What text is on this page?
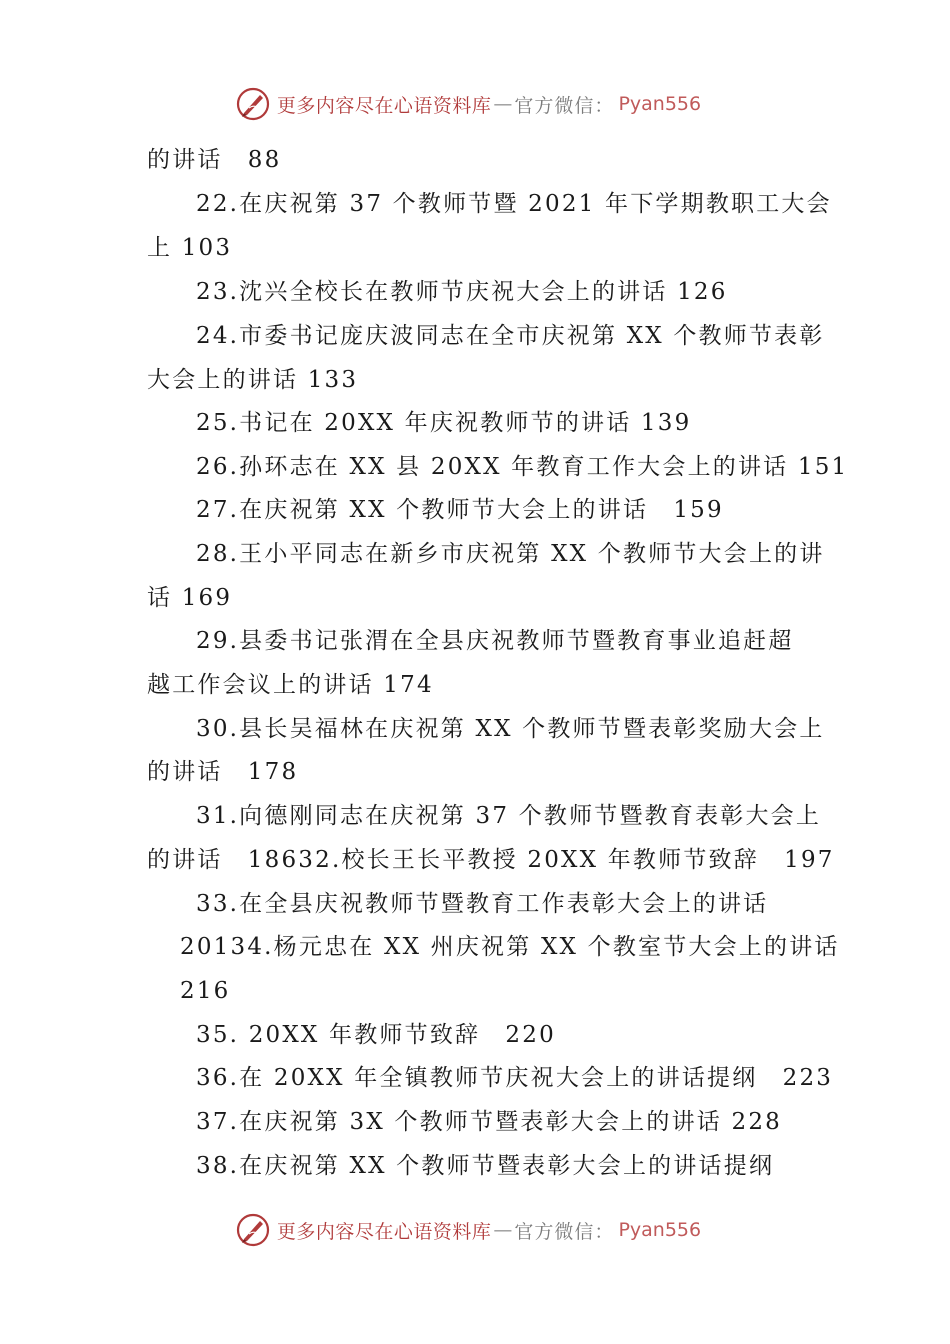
更多内容尽在心语资料库 — 官方微信： Pyan556
的讲话　88
22.在庆祝第 37 个教师节暨 2021 年下学期教职工大会
上 103
23.沈兴全校长在教师节庆祝大会上的讲话 126
24.市委书记庞庆波同志在全市庆祝第 XX 个教师节表彰
大会上的讲话 133
25.书记在 20XX 年庆祝教师节的讲话 139
26.孙环志在 XX 县 20XX 年教育工作大会上的讲话 151
27.在庆祝第 XX 个教师节大会上的讲话　159
28.王小平同志在新乡市庆祝第 XX 个教师节大会上的讲
话 169
29.县委书记张渭在全县庆祝教师节暨教育事业追赶超
越工作会议上的讲话 174
30.县长吴福林在庆祝第 XX 个教师节暨表彰奖励大会上
的讲话　178
31.向德刚同志在庆祝第 37 个教师节暨教育表彰大会上
的讲话　18632.校长王长平教授 20XX 年教师节致辞　197
33.在全县庆祝教师节暨教育工作表彰大会上的讲话
20134.杨元忠在 XX 州庆祝第 XX 个教室节大会上的讲话
216
35. 20XX 年教师节致辞　220
36.在 20XX 年全镇教师节庆祝大会上的讲话提纲　223
37.在庆祝第 3X 个教师节暨表彰大会上的讲话 228
38.在庆祝第 XX 个教师节暨表彰大会上的讲话提纲
更多内容尽在心语资料库 — 官方微信： Pyan556
